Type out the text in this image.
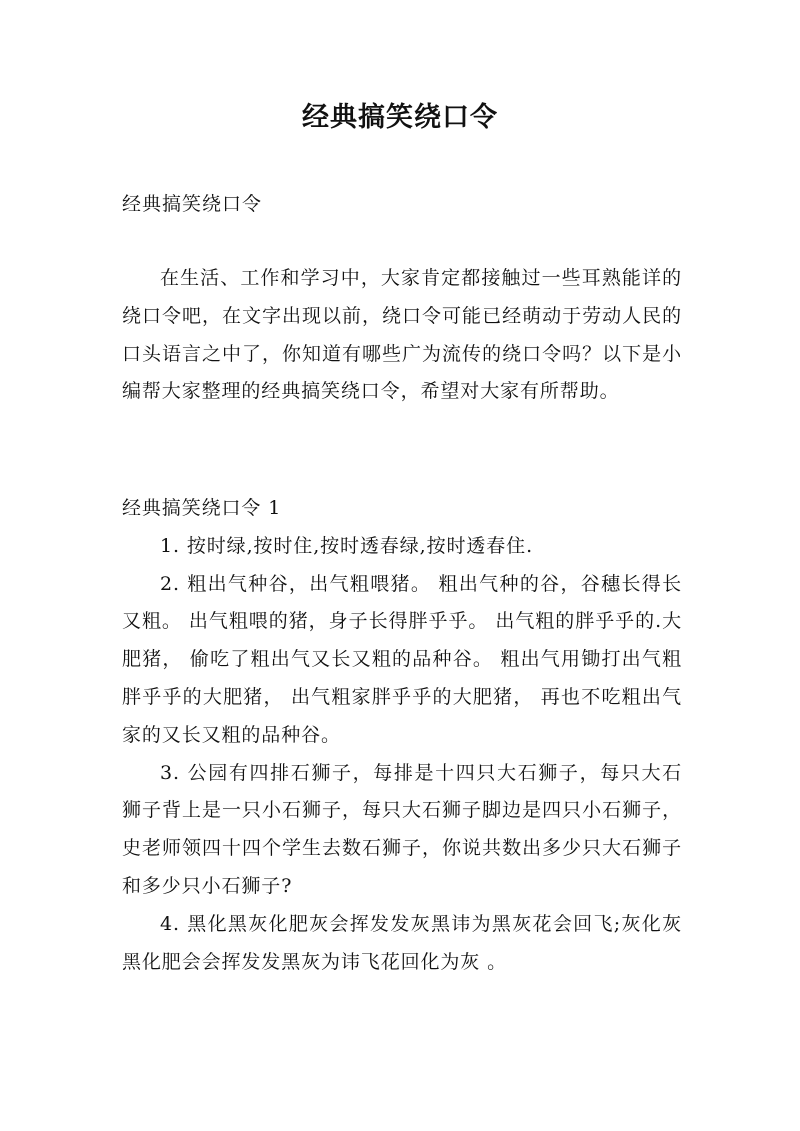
经典搞笑绕口令
经典搞笑绕口令

在生活、工作和学习中，大家肯定都接触过一些耳熟能详的绕口令吧，在文字出现以前，绕口令可能已经萌动于劳动人民的口头语言之中了，你知道有哪些广为流传的绕口令吗？以下是小编帮大家整理的经典搞笑绕口令，希望对大家有所帮助。

经典搞笑绕口令 1

1. 按时绿,按时住,按时透春绿,按时透春住.

2. 粗出气种谷，出气粗喂猪。 粗出气种的谷，谷穗长得长又粗。 出气粗喂的猪，身子长得胖乎乎。 出气粗的胖乎乎的.大肥猪， 偷吃了粗出气又长又粗的品种谷。 粗出气用锄打出气粗胖乎乎的大肥猪， 出气粗家胖乎乎的大肥猪， 再也不吃粗出气家的又长又粗的品种谷。

3. 公园有四排石狮子，每排是十四只大石狮子，每只大石狮子背上是一只小石狮子，每只大石狮子脚边是四只小石狮子，史老师领四十四个学生去数石狮子，你说共数出多少只大石狮子和多少只小石狮子?

4. 黑化黑灰化肥灰会挥发发灰黑讳为黑灰花会回飞;灰化灰黑化肥会会挥发发黑灰为讳飞花回化为灰 。
